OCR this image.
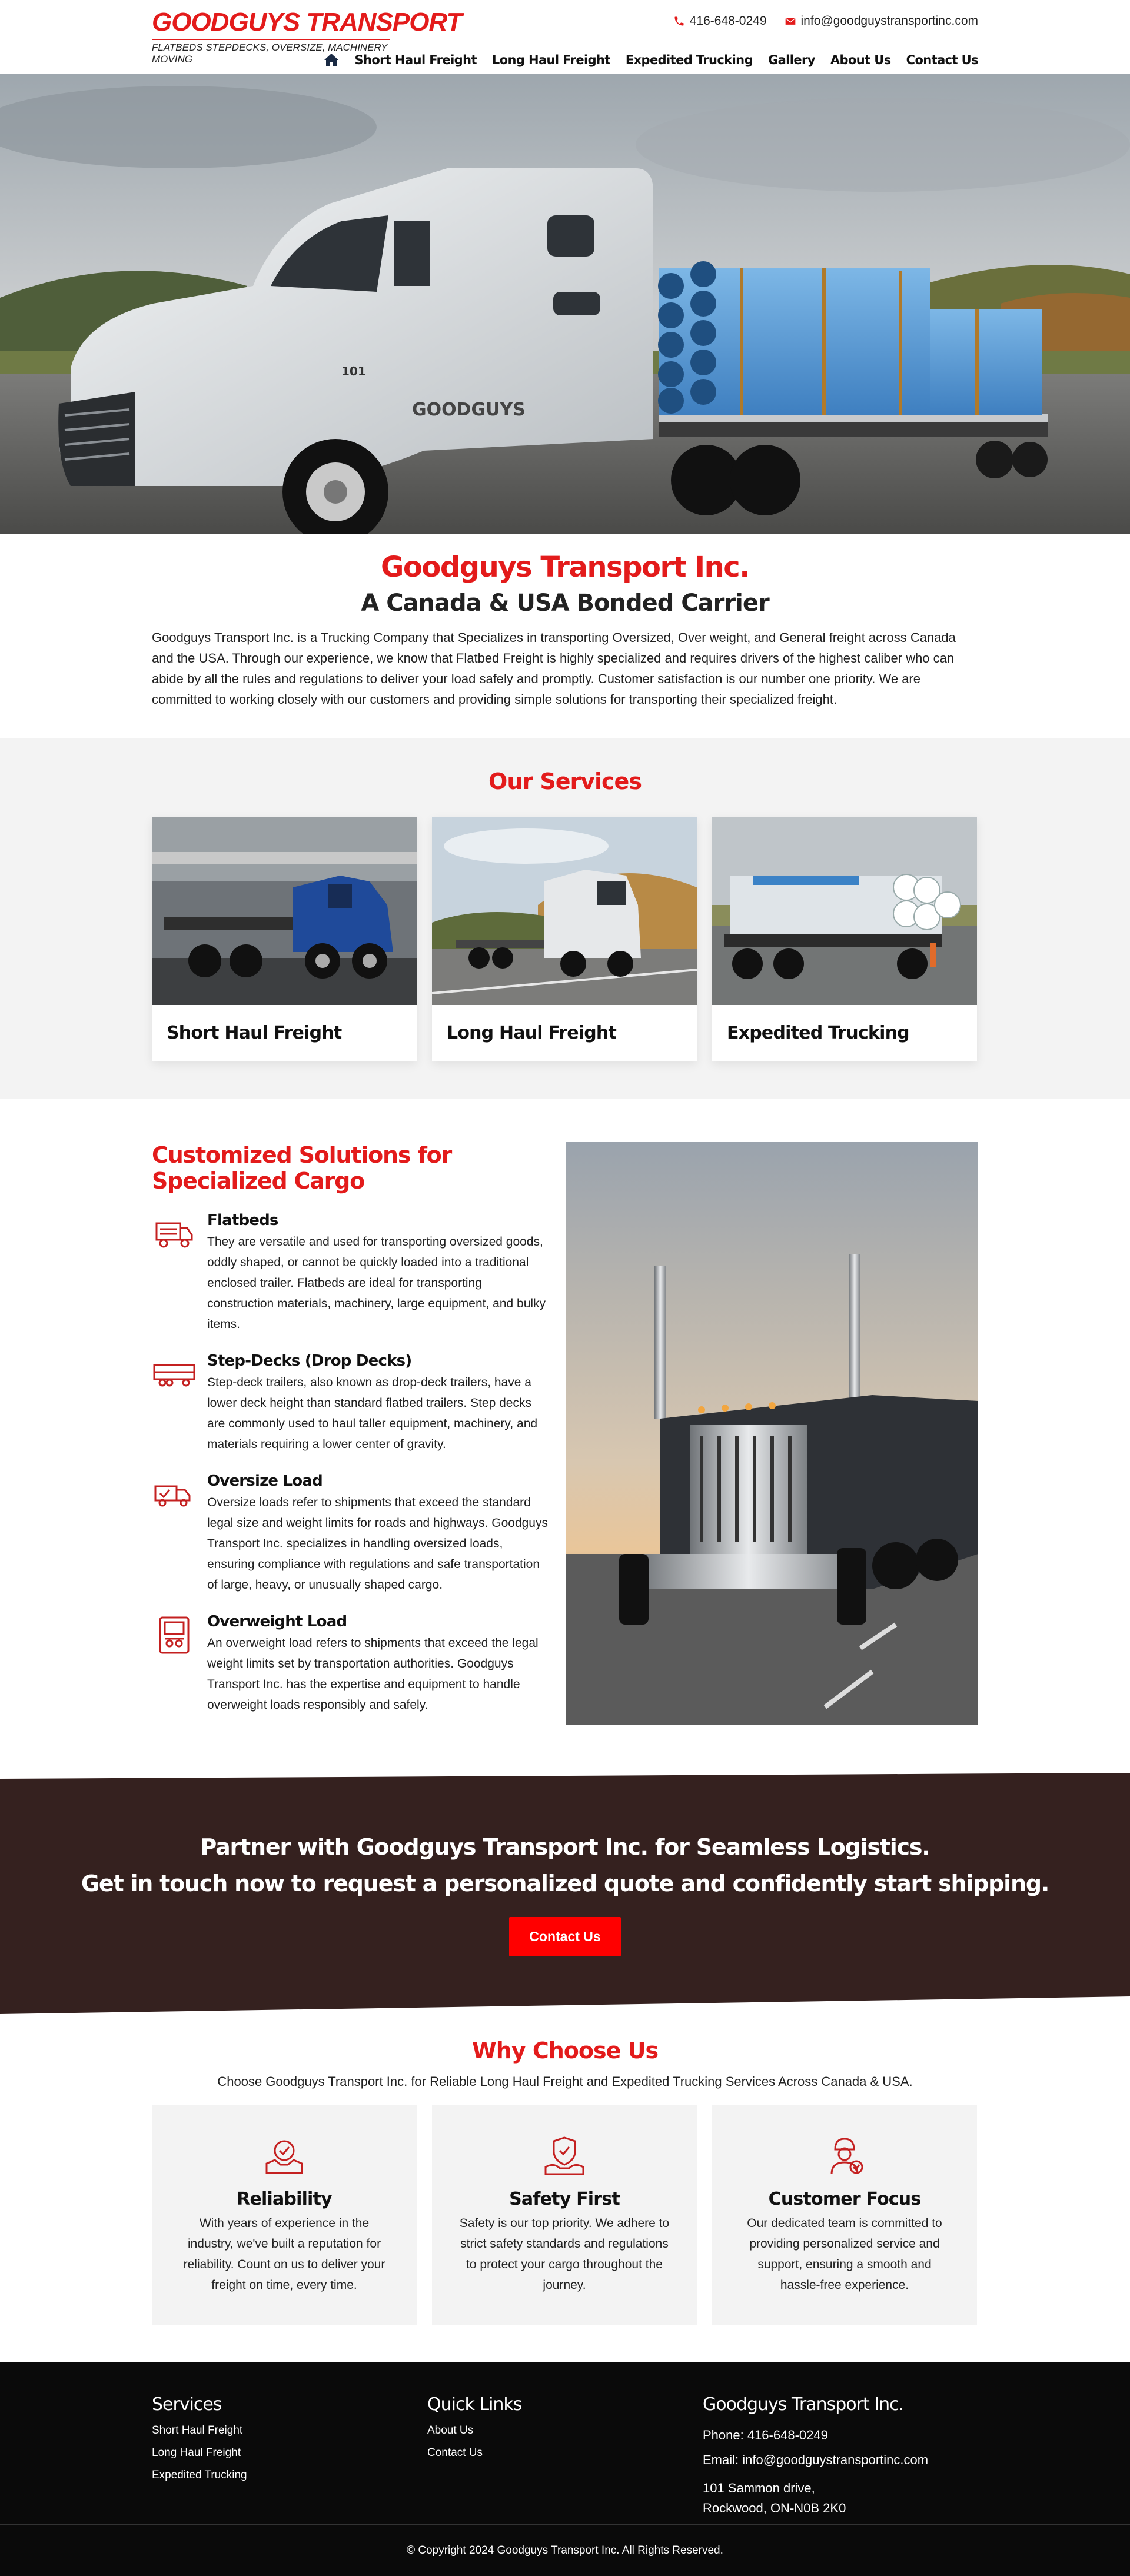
GOODGUYS TRANSPORT
FLATBEDS STEPDECKS, OVERSIZE, MACHINERY MOVING
416-648-0249	info@goodguystransportinc.com
Short Haul Freight Long Haul Freight Expedited Trucking Gallery About Us Contact Us
GOODGUYS
101
Goodguys Transport Inc.
A Canada & USA Bonded Carrier

Goodguys Transport Inc. is a Trucking Company that Specializes in transporting Oversized, Over weight, and General freight across Canada and the USA. Through our experience, we know that Flatbed Freight is highly specialized and requires drivers of the highest caliber who can abide by all the rules and regulations to deliver your load safely and promptly. Customer satisfaction is our number one priority. We are committed to working closely with our customers and providing simple solutions for transporting their specialized freight.

Our Services
Short Haul Freight	Long Haul Freight	Expedited Trucking
Customized Solutions for Specialized Cargo
Flatbeds

They are versatile and used for transporting oversized goods, oddly shaped, or cannot be quickly loaded into a traditional enclosed trailer. Flatbeds are ideal for transporting construction materials, machinery, large equipment, and bulky items.

Step-Decks (Drop Decks)

Step-deck trailers, also known as drop-deck trailers, have a lower deck height than standard flatbed trailers. Step decks are commonly used to haul taller equipment, machinery, and materials requiring a lower center of gravity.

Oversize Load

Oversize loads refer to shipments that exceed the standard legal size and weight limits for roads and highways. Goodguys Transport Inc. specializes in handling oversized loads, ensuring compliance with regulations and safe transportation of large, heavy, or unusually shaped cargo.

Overweight Load

An overweight load refers to shipments that exceed the legal weight limits set by transportation authorities. Goodguys Transport Inc. has the expertise and equipment to handle overweight loads responsibly and safely.

Partner with Goodguys Transport Inc. for Seamless Logistics.
Get in touch now to request a personalized quote and confidently start shipping.
Contact Us
Why Choose Us
Choose Goodguys Transport Inc. for Reliable Long Haul Freight and Expedited Trucking Services Across Canada & USA.
Reliability

With years of experience in the industry, we've built a reputation for reliability. Count on us to deliver your freight on time, every time.

Safety First

Safety is our top priority. We adhere to strict safety standards and regulations to protect your cargo throughout the journey.

Customer Focus

Our dedicated team is committed to providing personalized service and support, ensuring a smooth and hassle-free experience.

Services
Short Haul Freight
Long Haul Freight
Expedited Trucking
Quick Links
About Us
Contact Us
Goodguys Transport Inc.
Phone: 416-648-0249
Email: info@goodguystransportinc.com
101 Sammon drive,
Rockwood, ON-N0B 2K0
© Copyright 2024 Goodguys Transport Inc. All Rights Reserved.
